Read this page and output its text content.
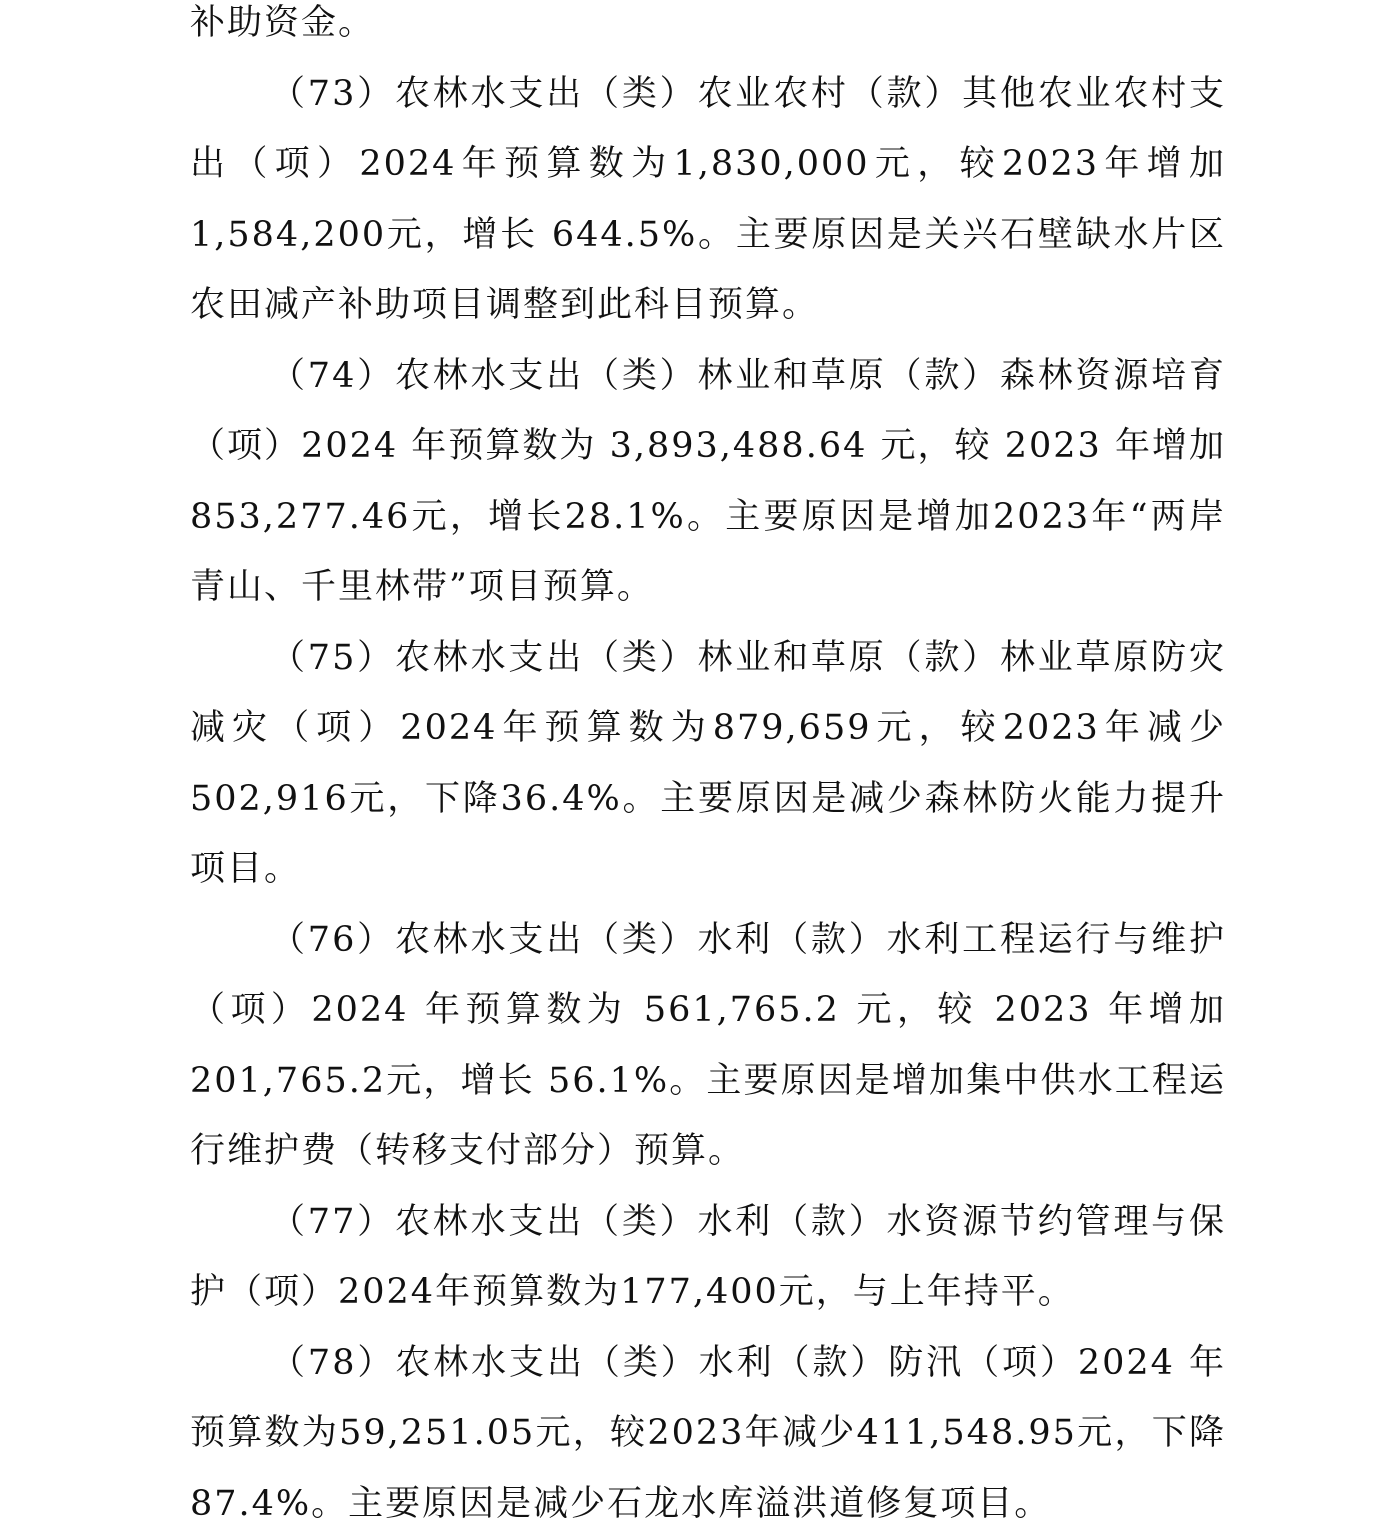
补助资金。

（73）农林水支出（类）农业农村（款）其他农业农村支出（项）2024年预算数为1,830,000元，较2023年增加1,584,200元，增长 644.5%。主要原因是关兴石壁缺水片区农田减产补助项目调整到此科目预算。

（74）农林水支出（类）林业和草原（款）森林资源培育（项）2024 年预算数为 3,893,488.64 元，较 2023 年增加853,277.46元，增长28.1%。主要原因是增加2023年“两岸青山、千里林带”项目预算。

（75）农林水支出（类）林业和草原（款）林业草原防灾减灾（项）2024年预算数为879,659元，较2023年减少502,916元，下降36.4%。主要原因是减少森林防火能力提升项目。

（76）农林水支出（类）水利（款）水利工程运行与维护（项）2024 年预算数为 561,765.2 元，较 2023 年增加 201,765.2元，增长 56.1%。主要原因是增加集中供水工程运行维护费（转移支付部分）预算。

（77）农林水支出（类）水利（款）水资源节约管理与保护（项）2024年预算数为177,400元，与上年持平。

（78）农林水支出（类）水利（款）防汛（项）2024 年预算数为59,251.05元，较2023年减少411,548.95元，下降87.4%。主要原因是减少石龙水库溢洪道修复项目。
